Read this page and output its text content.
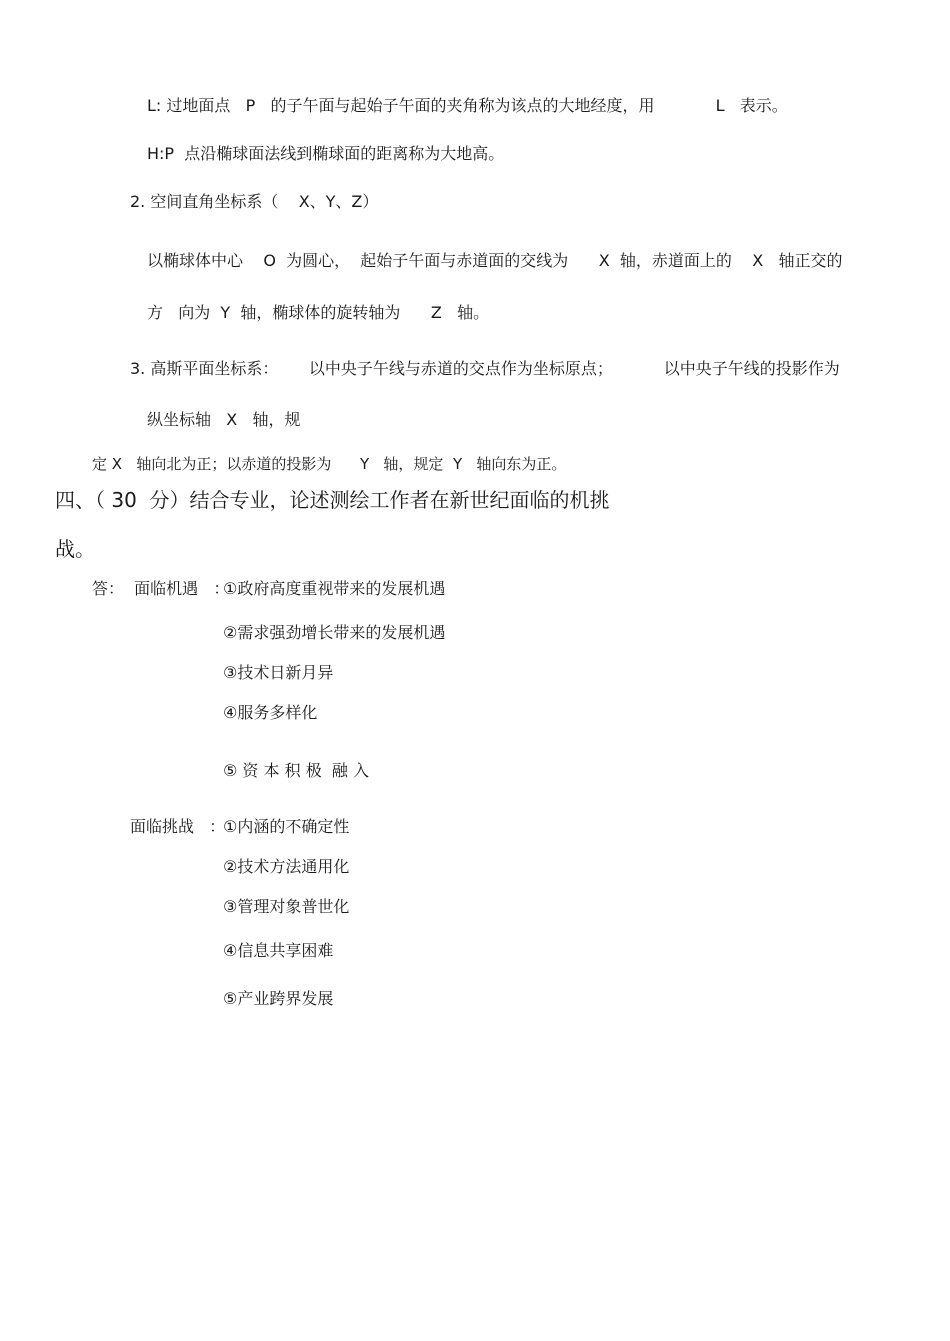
L: 过地面点   P   的子午面与起始子午面的夹角称为该点的大地经度，用            L   表示。
H:P  点沿椭球面法线到椭球面的距离称为大地高。
2. 空间直角坐标系（    X、Y、Z）
以椭球体中心    O  为圆心，  起始子午面与赤道面的交线为      X  轴，赤道面上的    X   轴正交的
方   向为  Y  轴，椭球体的旋转轴为      Z   轴。
3. 高斯平面坐标系：      以中央子午线与赤道的交点作为坐标原点；          以中央子午线的投影作为
纵坐标轴   X   轴，规
定 X   轴向北为正；以赤道的投影为      Y   轴，规定  Y   轴向东为正。
四、（ 30  分）结合专业，论述测绘工作者在新世纪面临的机挑
战。
答：  面临机遇   ：
①政府高度重视带来的发展机遇
②需求强劲增长带来的发展机遇
③技术日新月异
④服务多样化
⑤ 资 本 积 极  融 入
面临挑战   ：
①内涵的不确定性
②技术方法通用化
③管理对象普世化
④信息共享困难
⑤产业跨界发展
